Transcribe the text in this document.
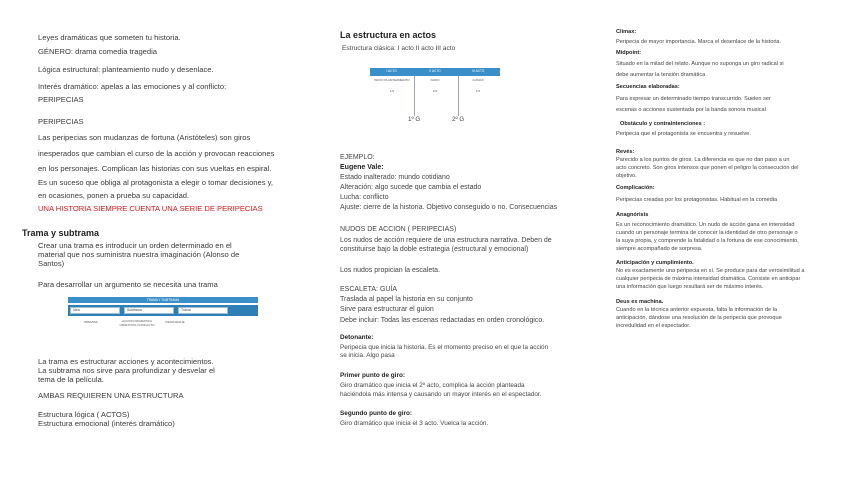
Leyes dramáticas que someten tu historia.
GÉNERO: drama comedia tragedia
Lógica estructural: planteamiento nudo y desenlace.
Interés dramático: apelas a las emociones y al conflicto:
PERIPECIAS
PERIPECIAS
Las peripecias son mudanzas de fortuna (Aristóteles) son giros
inesperados que cambian el curso de la acción y provocan reacciones
en los personajes. Complican las historias con sus vueltas en espiral.
Es un suceso que obliga al protagonista a elegir o tomar decisiones y,
en ocasiones, ponen a prueba su capacidad.
UNA HISTORIA SIEMPRE CUENTA UNA SERIE DE PERIPECIAS
Trama y subtrama
Crear una trama es introducir un orden determinado en el
material que nos suministra nuestra imaginación (Alonso de
Santos)
Para desarrollar un argumento se necesita una trama
TRAMA Y SUBTRAMA
Idea	Subtrama	Trama
PREMISA	ACCION DRAMATICA OBJETIVOS CONFLICTO
DESPLIEGUE
La trama es estructurar acciones y acontecimientos.
La subtrama nos sirve para profundizar y desvelar el
tema de la película.
AMBAS REQUIEREN UNA ESTRUCTURA
Estructura lógica ( ACTOS)
Estructura emocional (interés dramático)
La estructura en actos
Estructura clásica: I acto II acto III acto
I ACTO	II ACTO	III ACTO
INICIO PLANTEAMIENTO	NUDO	CLÍMAX
1/4	2/4	1/4
1º G	2º G
EJEMPLO:
Eugene Vale:
Estado inalterado: mundo cotidiano
Alteración: algo sucede que cambia el estado
Lucha: conflicto
Ajuste: cierre de la historia. Objetivo conseguido o no. Consecuencias
NUDOS DE ACCION ( PERIPECIAS)
Los nudos de acción requiere de una estructura narrativa. Deben de
constituirse bajo la doble estrategia (estructural y emocional)
Los nudos propician la escaleta.
ESCALETA: GUÍA
Traslada al papel la historia en su conjunto
Sirve para estructurar el guion
Debe incluir: Todas las escenas redactadas en orden cronológico.
Detonante:
Peripecia que inicia la historia. Es el momento preciso en el que la acción
se inicia. Algo pasa
Primer punto de giro:
Giro dramático que inicia el 2º acto, complica la acción planteada
haciéndola más intensa y causando un mayor interés en el espectador.
Segundo punto de giro:
Giro dramático que inicia el 3 acto. Vuelca la acción.
Clímax:
Peripecia de mayor importancia. Marca el desenlace de la historia.
Midpoint:
Situado en la mitad del relato. Aunque no suponga un giro radical si
debe aumentar la tensión dramática
Secuencias elaboradas:
Para expresar un determinado tiempo transcurrido. Suelen ser
escenas o acciones sustentada por la banda sonora musical
Obstáculo y contraintenciones :
Peripecia que el protagonista se encuentra y resuelve.
Revés:
Parecido a los puntos de giros. La diferencia es que no dan paso a un
acto concreto. Son giros intensos que ponen el peligro la consecución del
objetivo.
Complicación:
Peripecias creadas por los protagonistas. Habitual en la comedia
Anagnórisis
Es un reconocimiento dramático. Un nudo de acción gana en intensidad
cuando un personaje termina de conocer la identidad de otro personaje o
la suya propia, y comprende la fatalidad o la fortuna de ese conocimiento,
siempre acompañado de sorpresa.
Anticipación y cumplimiento.
No es exactamente una peripecia en sí. Se produce para dar verosimilitud a
cualquier peripecia de máxima intensidad dramática. Consiste en anticipar
una información que luego resultará ser de máximo interés.
Deus ex machina.
Cuando en la técnica anterior expuesta, falta la información de la
anticipación, dándose una resolución de la peripecia que provoque
incredulidad en el espectador.
